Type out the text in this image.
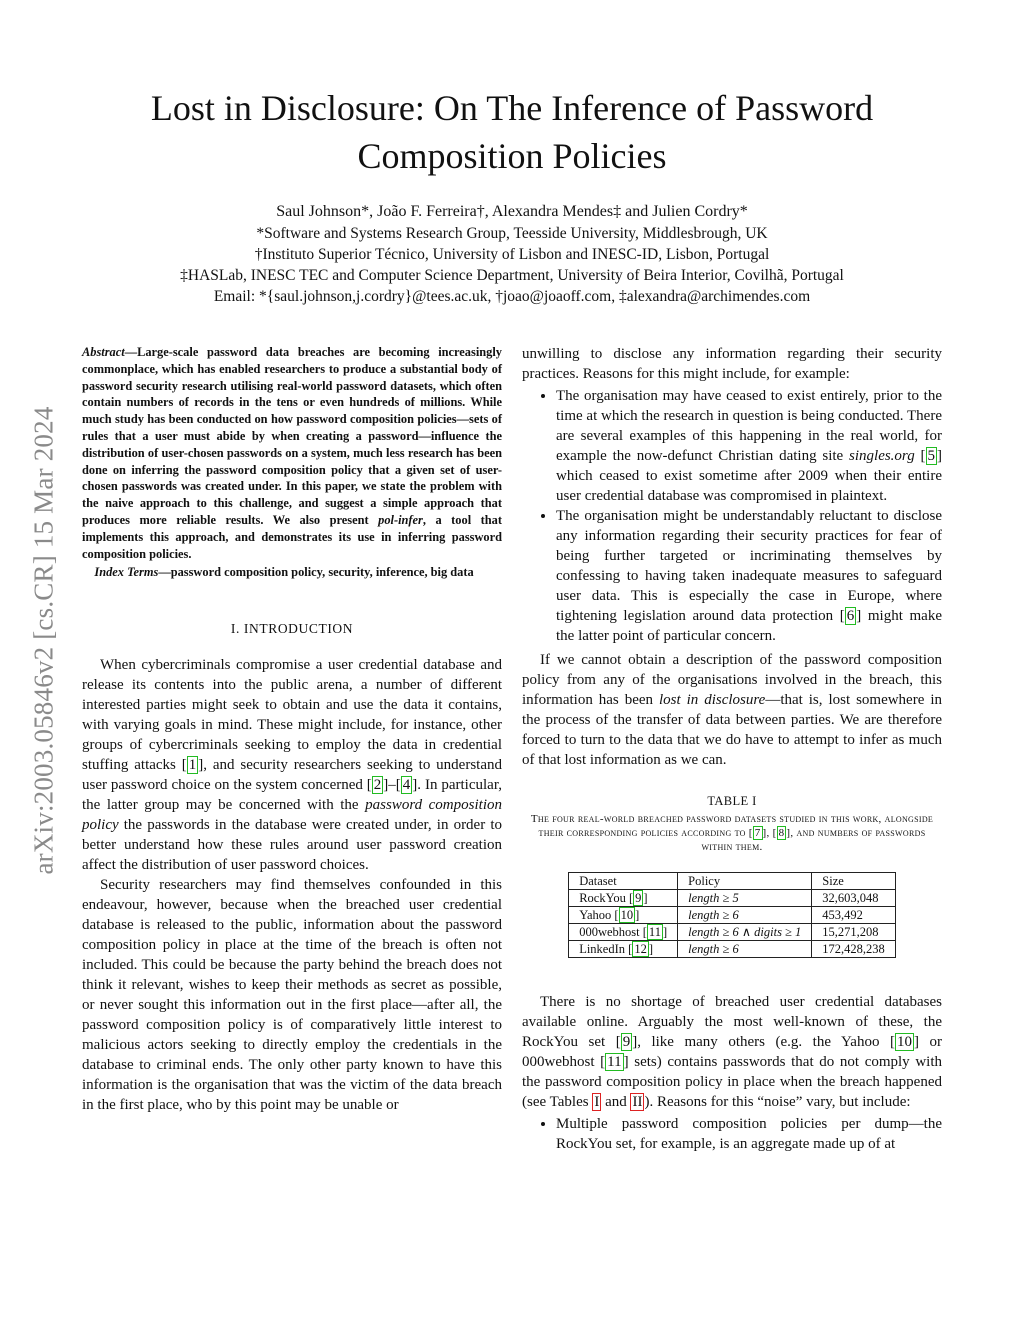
arXiv:2003.05846v2 [cs.CR] 15 Mar 2024
Lost in Disclosure: On The Inference of Password
Composition Policies
Saul Johnson*, João F. Ferreira†, Alexandra Mendes‡ and Julien Cordry*
*Software and Systems Research Group, Teesside University, Middlesbrough, UK
†Instituto Superior Técnico, University of Lisbon and INESC-ID, Lisbon, Portugal
‡HASLab, INESC TEC and Computer Science Department, University of Beira Interior, Covilhã, Portugal
Email: *{saul.johnson,j.cordry}@tees.ac.uk, †joao@joaoff.com, ‡alexandra@archimendes.com

Abstract—Large-scale password data breaches are becoming increasingly commonplace, which has enabled researchers to produce a substantial body of password security research utilising real-world password datasets, which often contain numbers of records in the tens or even hundreds of millions. While much study has been conducted on how password composition policies—sets of rules that a user must abide by when creating a password—influence the distribution of user-chosen passwords on a system, much less research has been done on inferring the password composition policy that a given set of user-chosen passwords was created under. In this paper, we state the problem with the naive approach to this challenge, and suggest a simple approach that produces more reliable results. We also present pol-infer, a tool that implements this approach, and demonstrates its use in inferring password composition policies.

Index Terms—password composition policy, security, inference, big data

I. INTRODUCTION

When cybercriminals compromise a user credential database and release its contents into the public arena, a number of different interested parties might seek to obtain and use the data it contains, with varying goals in mind. These might include, for instance, other groups of cybercriminals seeking to employ the data in credential stuffing attacks [ 1 ], and security researchers seeking to understand user password choice on the system concerned [ 2 ]–[ 4 ]. In particular, the latter group may be concerned with the password composition policy the passwords in the database were created under, in order to better understand how these rules around user password creation affect the distribution of user password choices.

Security researchers may find themselves confounded in this endeavour, however, because when the breached user credential database is released to the public, information about the password composition policy in place at the time of the breach is often not included. This could be because the party behind the breach does not think it relevant, wishes to keep their methods as secret as possible, or never sought this information out in the first place—after all, the password composition policy is of comparatively little interest to malicious actors seeking to directly employ the credentials in the database to criminal ends. The only other party known to have this information is the organisation that was the victim of the data breach in the first place, who by this point may be unable or

unwilling to disclose any information regarding their security practices. Reasons for this might include, for example:

• The organisation may have ceased to exist entirely, prior to the time at which the research in question is being conducted. There are several examples of this happening in the real world, for example the now-defunct Christian dating site singles.org [ 5 ] which ceased to exist sometime after 2009 when their entire user credential database was compromised in plaintext.
• The organisation might be understandably reluctant to disclose any information regarding their security practices for fear of being further targeted or incriminating themselves by confessing to having taken inadequate measures to safeguard user data. This is especially the case in Europe, where tightening legislation around data protection [ 6 ] might make the latter point of particular concern.

If we cannot obtain a description of the password composition policy from any of the organisations involved in the breach, this information has been lost in disclosure—that is, lost somewhere in the process of the transfer of data between parties. We are therefore forced to turn to the data that we do have to attempt to infer as much of that lost information as we can.

TABLE I
The four real-world breached password datasets studied in this work, alongside their corresponding policies according to [ 7 ], [ 8 ], and numbers of passwords within them.
Dataset	Policy	Size
RockYou [ 9 ]	length ≥ 5	32,603,048
Yahoo [ 10 ]	length ≥ 6	453,492
000webhost [ 11 ]	length ≥ 6 ∧ digits ≥ 1	15,271,208
LinkedIn [ 12 ]	length ≥ 6	172,428,238

There is no shortage of breached user credential databases available online. Arguably the most well-known of these, the RockYou set [ 9 ], like many others (e.g. the Yahoo [ 10 ] or 000webhost [ 11 ] sets) contains passwords that do not comply with the password composition policy in place when the breach happened (see Tables I and II ). Reasons for this “noise” vary, but include:

• Multiple password composition policies per dump—the RockYou set, for example, is an aggregate made up of at
